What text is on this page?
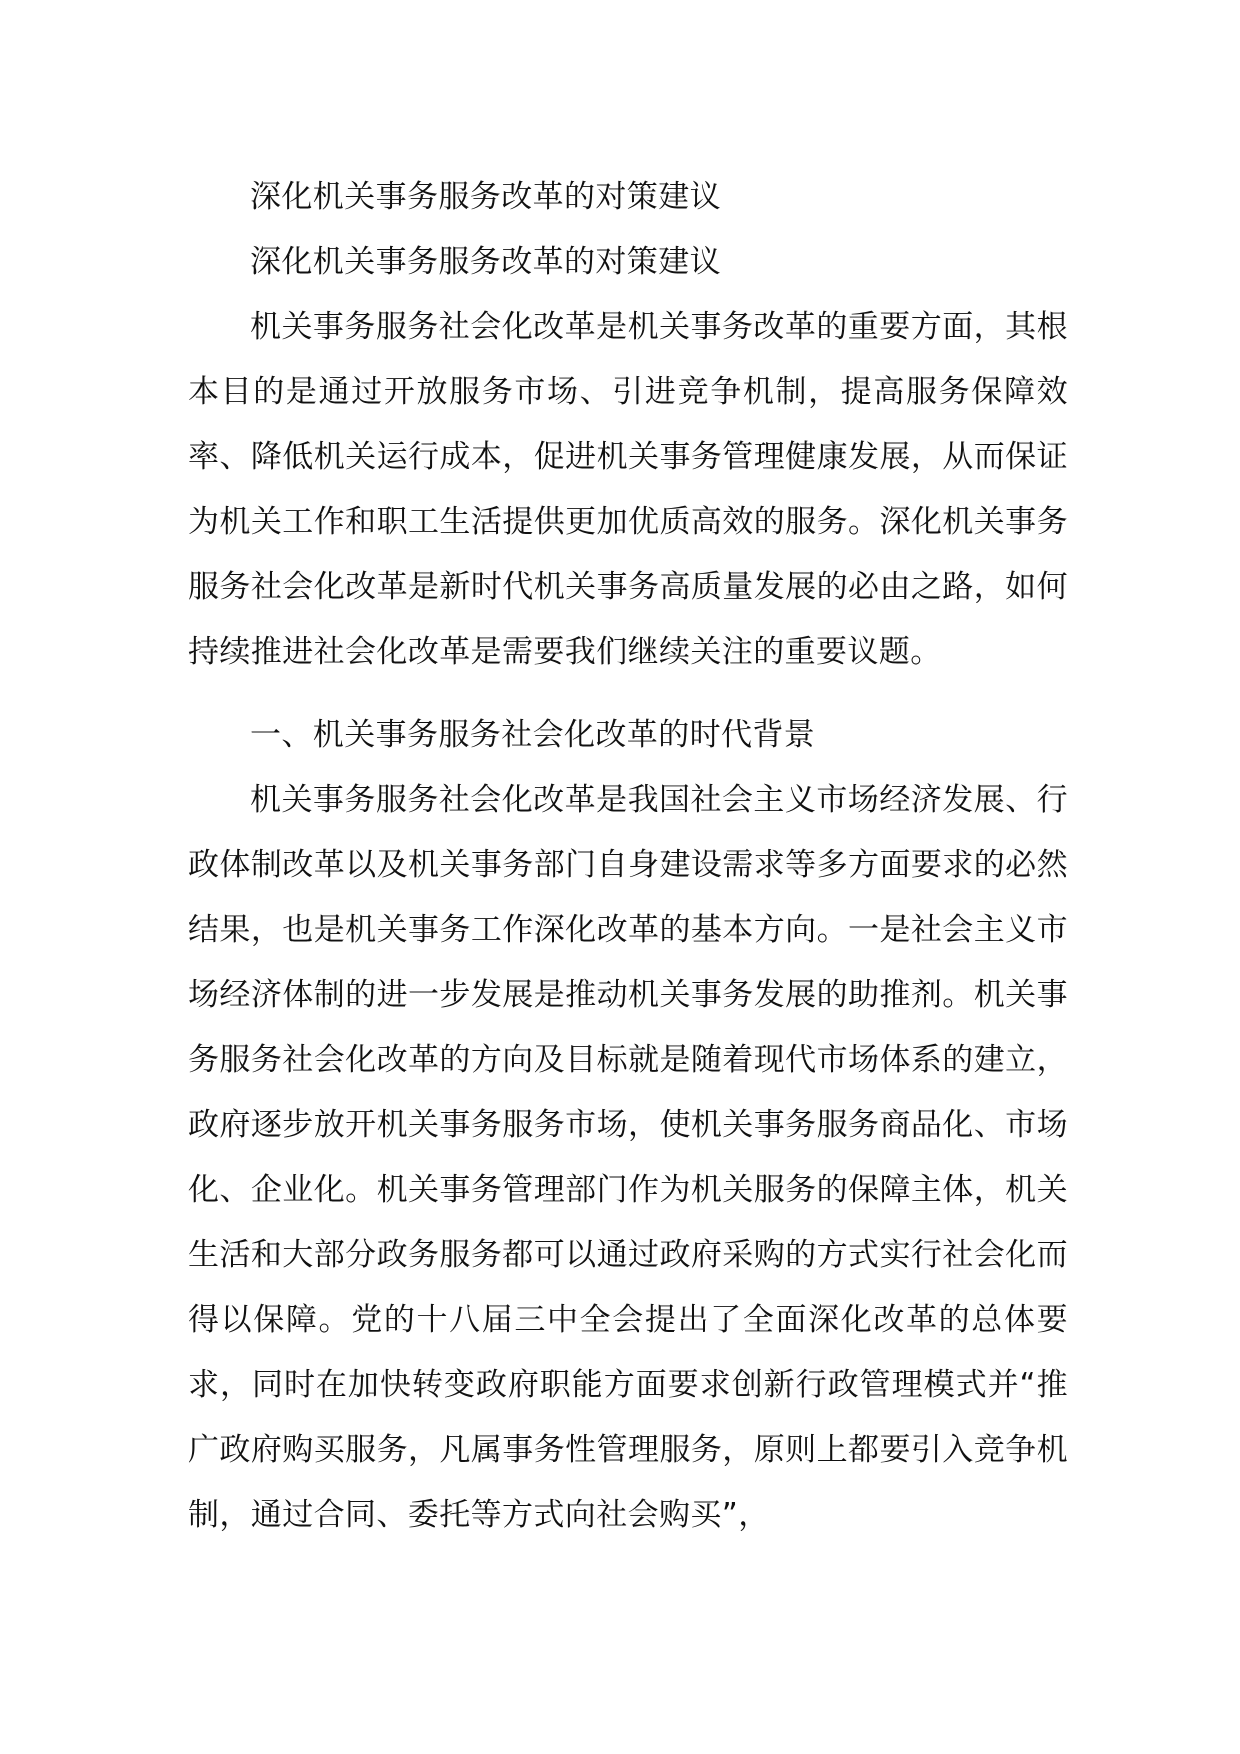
深化机关事务服务改革的对策建议

深化机关事务服务改革的对策建议

机关事务服务社会化改革是机关事务改革的重要方面，其根本目的是通过开放服务市场、引进竞争机制，提高服务保障效率、降低机关运行成本，促进机关事务管理健康发展，从而保证为机关工作和职工生活提供更加优质高效的服务。深化机关事务服务社会化改革是新时代机关事务高质量发展的必由之路，如何持续推进社会化改革是需要我们继续关注的重要议题。

一、机关事务服务社会化改革的时代背景

机关事务服务社会化改革是我国社会主义市场经济发展、行政体制改革以及机关事务部门自身建设需求等多方面要求的必然结果，也是机关事务工作深化改革的基本方向。一是社会主义市场经济体制的进一步发展是推动机关事务发展的助推剂。机关事务服务社会化改革的方向及目标就是随着现代市场体系的建立，政府逐步放开机关事务服务市场，使机关事务服务商品化、市场化、企业化。机关事务管理部门作为机关服务的保障主体，机关生活和大部分政务服务都可以通过政府采购的方式实行社会化而得以保障。党的十八届三中全会提出了全面深化改革的总体要求，同时在加快转变政府职能方面要求创新行政管理模式并“推广政府购买服务，凡属事务性管理服务，原则上都要引入竞争机制，通过合同、委托等方式向社会购买”，
